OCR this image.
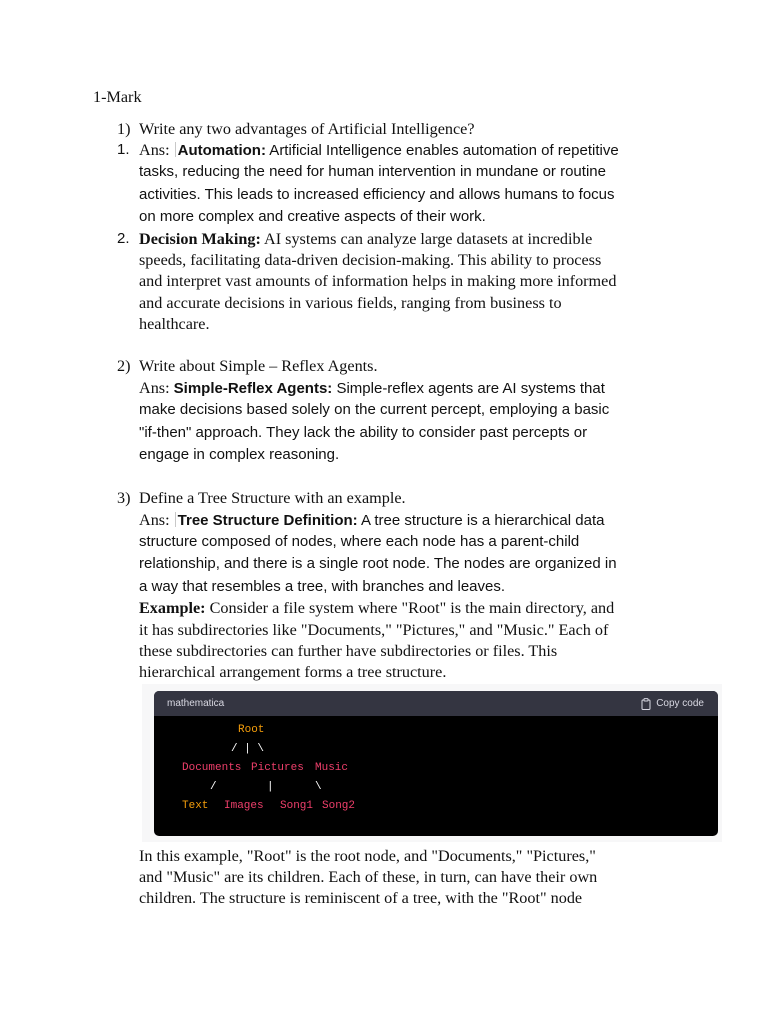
1-Mark
1) Write any two advantages of Artificial Intelligence?
1. Ans: Automation: Artificial Intelligence enables automation of repetitive
tasks, reducing the need for human intervention in mundane or routine
activities. This leads to increased efficiency and allows humans to focus
on more complex and creative aspects of their work.
2. Decision Making: AI systems can analyze large datasets at incredible
speeds, facilitating data-driven decision-making. This ability to process
and interpret vast amounts of information helps in making more informed
and accurate decisions in various fields, ranging from business to
healthcare.
2) Write about Simple – Reflex Agents.
Ans: Simple-Reflex Agents: Simple-reflex agents are AI systems that
make decisions based solely on the current percept, employing a basic
"if-then" approach. They lack the ability to consider past percepts or
engage in complex reasoning.
3) Define a Tree Structure with an example.
Ans: Tree Structure Definition: A tree structure is a hierarchical data
structure composed of nodes, where each node has a parent-child
relationship, and there is a single root node. The nodes are organized in
a way that resembles a tree, with branches and leaves.
Example: Consider a file system where "Root" is the main directory, and
it has subdirectories like "Documents," "Pictures," and "Music." Each of
these subdirectories can further have subdirectories or files. This
hierarchical arrangement forms a tree structure.
mathematica	Copy code
Root
/ | \
Documents Pictures Music
/	|	\
Text Images Song1 Song2
In this example, "Root" is the root node, and "Documents," "Pictures,"
and "Music" are its children. Each of these, in turn, can have their own
children. The structure is reminiscent of a tree, with the "Root" node
